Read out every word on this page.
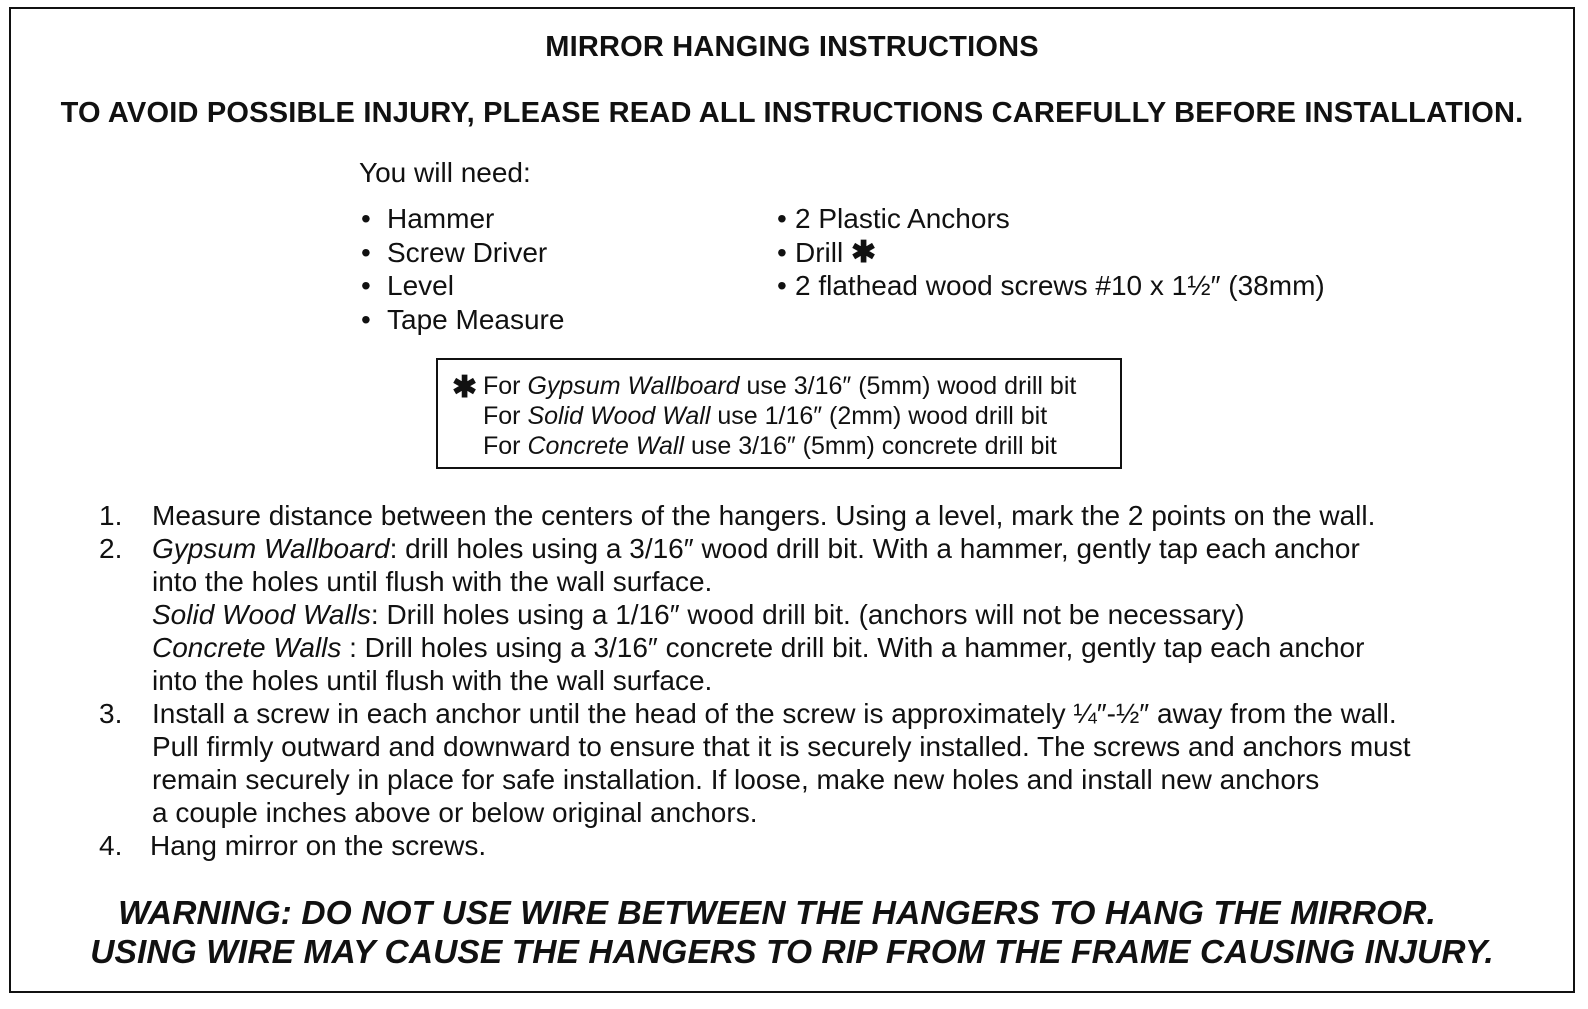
MIRROR HANGING INSTRUCTIONS
TO AVOID POSSIBLE INJURY, PLEASE READ ALL INSTRUCTIONS CAREFULLY BEFORE INSTALLATION.
You will need:
• Hammer
• Screw Driver
• Level
• Tape Measure
• 2 Plastic Anchors
• Drill ✱
• 2 flathead wood screws #10 x 1½″ (38mm)
✱ For Gypsum Wallboard use 3/16″ (5mm) wood drill bit
For Solid Wood Wall use 1/16″ (2mm) wood drill bit
For Concrete Wall use 3/16″ (5mm) concrete drill bit
1. Measure distance between the centers of the hangers. Using a level, mark the 2 points on the wall.
2. Gypsum Wallboard: drill holes using a 3/16″ wood drill bit. With a hammer, gently tap each anchor
into the holes until flush with the wall surface.
Solid Wood Walls: Drill holes using a 1/16″ wood drill bit. (anchors will not be necessary)
Concrete Walls : Drill holes using a 3/16″ concrete drill bit. With a hammer, gently tap each anchor
into the holes until flush with the wall surface.
3. Install a screw in each anchor until the head of the screw is approximately ¼″-½″ away from the wall.
Pull firmly outward and downward to ensure that it is securely installed. The screws and anchors must
remain securely in place for safe installation. If loose, make new holes and install new anchors
a couple inches above or below original anchors.
4. Hang mirror on the screws.
WARNING: DO NOT USE WIRE BETWEEN THE HANGERS TO HANG THE MIRROR.
USING WIRE MAY CAUSE THE HANGERS TO RIP FROM THE FRAME CAUSING INJURY.
